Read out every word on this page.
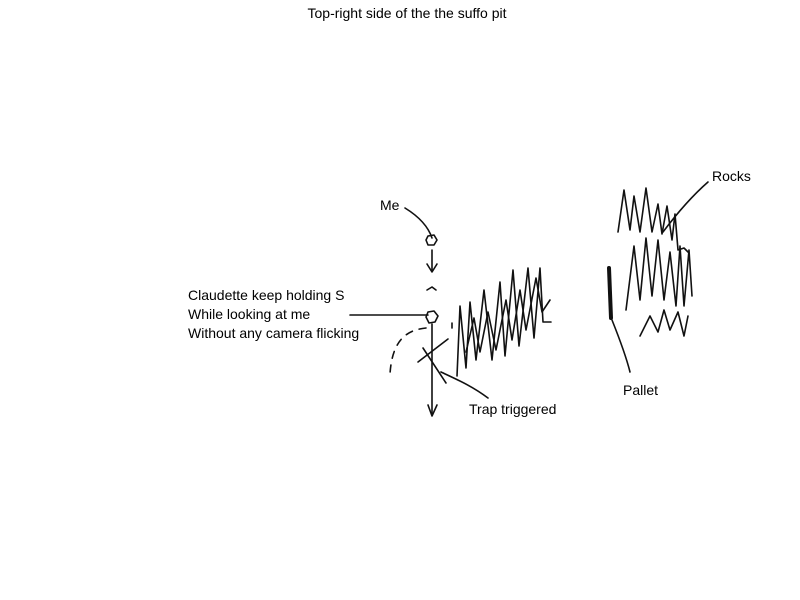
Top-right side of the the suffo pit
Me
Claudette keep holding S
While looking at me
Without any camera flicking
Rocks
Pallet
Trap triggered
